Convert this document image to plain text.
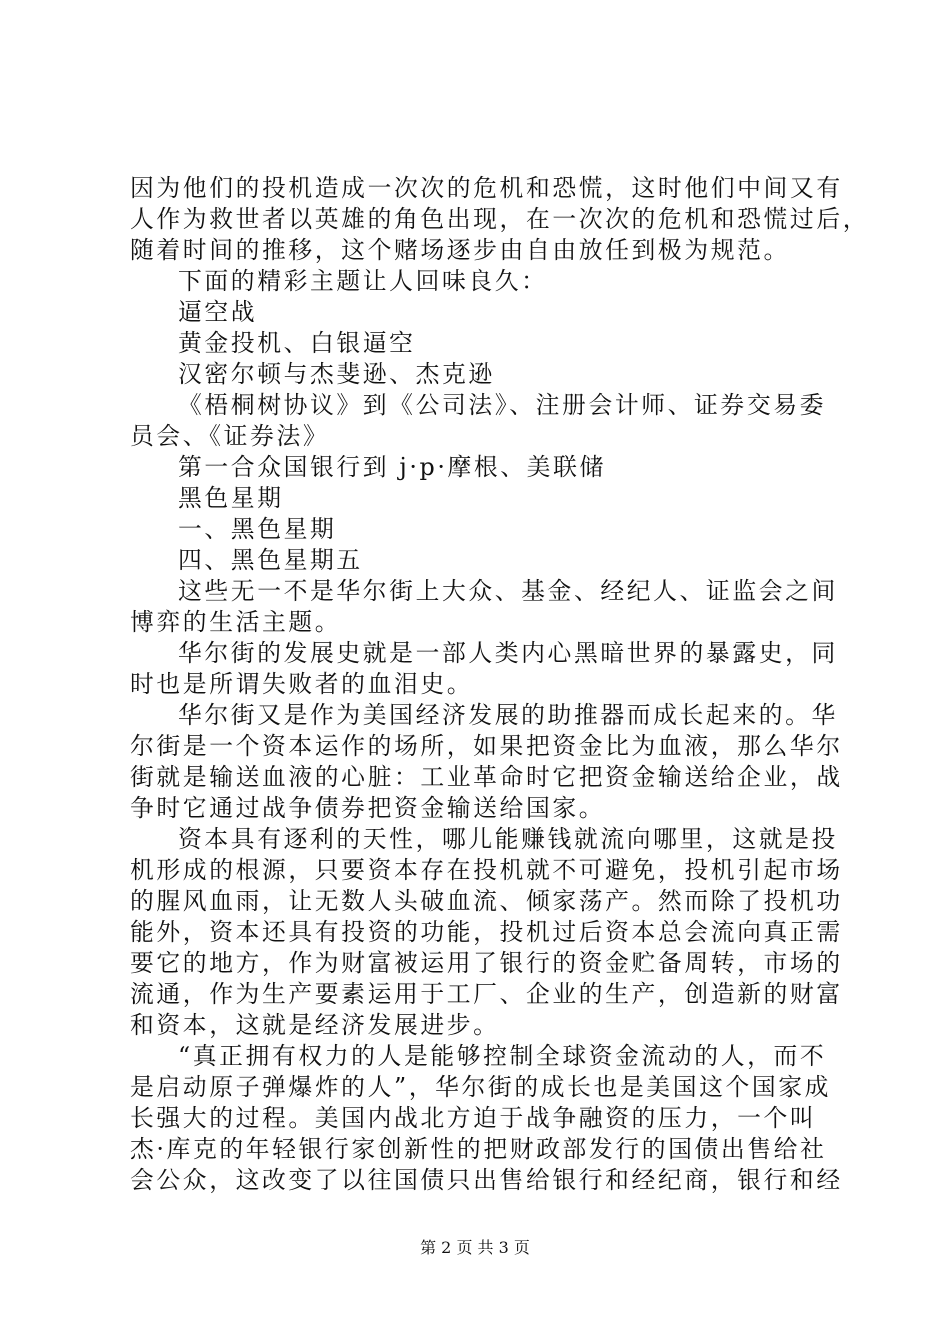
因为他们的投机造成一次次的危机和恐慌，这时他们中间又有
人作为救世者以英雄的角色出现，在一次次的危机和恐慌过后，
随着时间的推移，这个赌场逐步由自由放任到极为规范。
下面的精彩主题让人回味良久：
逼空战
黄金投机、白银逼空
汉密尔顿与杰斐逊、杰克逊
《梧桐树协议》到《公司法》、注册会计师、证券交易委
员会、《证券法》
第一合众国银行到 j·p·摩根、美联储
黑色星期
一、黑色星期
四、黑色星期五
这些无一不是华尔街上大众、基金、经纪人、证监会之间
博弈的生活主题。
华尔街的发展史就是一部人类内心黑暗世界的暴露史，同
时也是所谓失败者的血泪史。
华尔街又是作为美国经济发展的助推器而成长起来的。华
尔街是一个资本运作的场所，如果把资金比为血液，那么华尔
街就是输送血液的心脏：工业革命时它把资金输送给企业，战
争时它通过战争债券把资金输送给国家。
资本具有逐利的天性，哪儿能赚钱就流向哪里，这就是投
机形成的根源，只要资本存在投机就不可避免，投机引起市场
的腥风血雨，让无数人头破血流、倾家荡产。然而除了投机功
能外，资本还具有投资的功能，投机过后资本总会流向真正需
要它的地方，作为财富被运用了银行的资金贮备周转，市场的
流通，作为生产要素运用于工厂、企业的生产，创造新的财富
和资本，这就是经济发展进步。
“真正拥有权力的人是能够控制全球资金流动的人，而不
是启动原子弹爆炸的人”，华尔街的成长也是美国这个国家成
长强大的过程。美国内战北方迫于战争融资的压力，一个叫
杰·库克的年轻银行家创新性的把财政部发行的国债出售给社
会公众，这改变了以往国债只出售给银行和经纪商，银行和经
第 2 页 共 3 页
